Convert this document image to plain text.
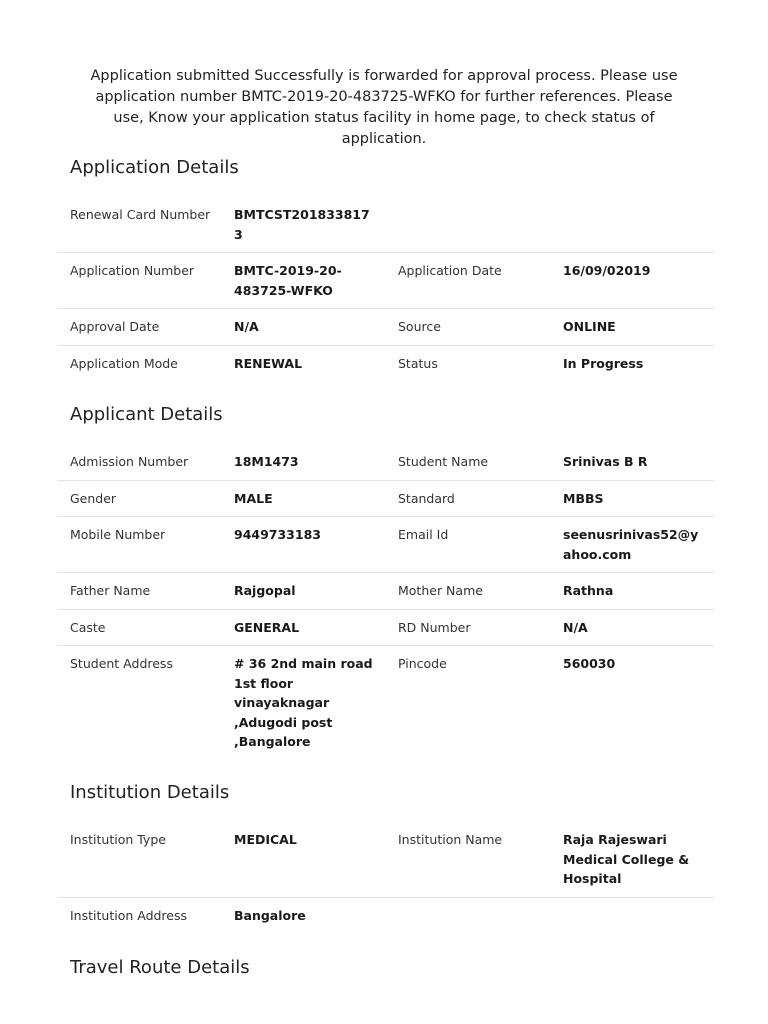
Application submitted Successfully is forwarded for approval process. Please use application number BMTC-2019-20-483725-WFKO for further references. Please use, Know your application status facility in home page, to check status of application.
Application Details
Renewal Card Number	BMTCST2018338173		
Application Number	BMTC-2019-20-483725-WFKO	Application Date	16/09/02019
Approval Date	N/A	Source	ONLINE
Application Mode	RENEWAL	Status	In Progress
Applicant Details
Admission Number	18M1473	Student Name	Srinivas B R
Gender	MALE	Standard	MBBS
Mobile Number	9449733183	Email Id	seenusrinivas52@yahoo.com
Father Name	Rajgopal	Mother Name	Rathna
Caste	GENERAL	RD Number	N/A
Student Address	# 36 2nd main road 1st floor vinayaknagar ,Adugodi post ,Bangalore	Pincode	560030
Institution Details
Institution Type	MEDICAL	Institution Name	Raja Rajeswari Medical College & Hospital
Institution Address	Bangalore		
Travel Route Details
